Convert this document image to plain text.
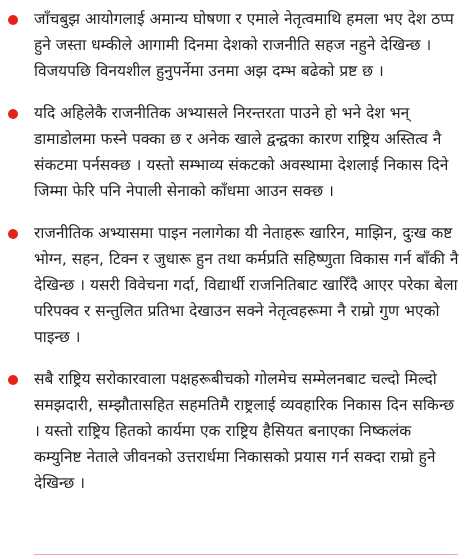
जाँचबुझ आयोगलाई अमान्य घोषणा र एमाले नेतृत्वमाथि हमला भए देश ठप्प हुने जस्ता धम्कीले आगामी दिनमा देशको राजनीति सहज नहुने देखिन्छ । विजयपछि विनयशील हुनुपर्नेमा उनमा अझ दम्भ बढेको प्रष्ट छ ।
यदि अहिलेकै राजनीतिक अभ्यासले निरन्तरता पाउने हो भने देश भन् डामाडोलमा फस्ने पक्का छ र अनेक खाले द्वन्द्वका कारण राष्ट्रिय अस्तित्व नै संकटमा पर्नसक्छ । यस्तो सम्भाव्य संकटको अवस्थामा देशलाई निकास दिने जिम्मा फेरि पनि नेपाली सेनाको काँधमा आउन सक्छ ।
राजनीतिक अभ्यासमा पाइन नलागेका यी नेताहरू खारिन, माझिन, दुःख कष्ट भोग्न, सहन, टिक्न र जुधारू हुन तथा कर्मप्रति सहिष्णुता विकास गर्न बाँकी नै देखिन्छ । यसरी विवेचना गर्दा, विद्यार्थी राजनितिबाट खारिँदै आएर परेका बेला परिपक्व र सन्तुलित प्रतिभा देखाउन सक्ने नेतृत्वहरूमा नै राम्रो गुण भएको पाइन्छ ।
सबै राष्ट्रिय सरोकारवाला पक्षहरूबीचको गोलमेच सम्मेलनबाट चल्दो मिल्दो समझदारी, सम्झौतासहित सहमतिमै राष्ट्रलाई व्यवहारिक निकास दिन सकिन्छ । यस्तो राष्ट्रिय हितको कार्यमा एक राष्ट्रिय हैसियत बनाएका निष्कलंक कम्युनिष्ट नेताले जीवनको उत्तरार्धमा निकासको प्रयास गर्न सक्दा राम्रो हुने देखिन्छ ।
